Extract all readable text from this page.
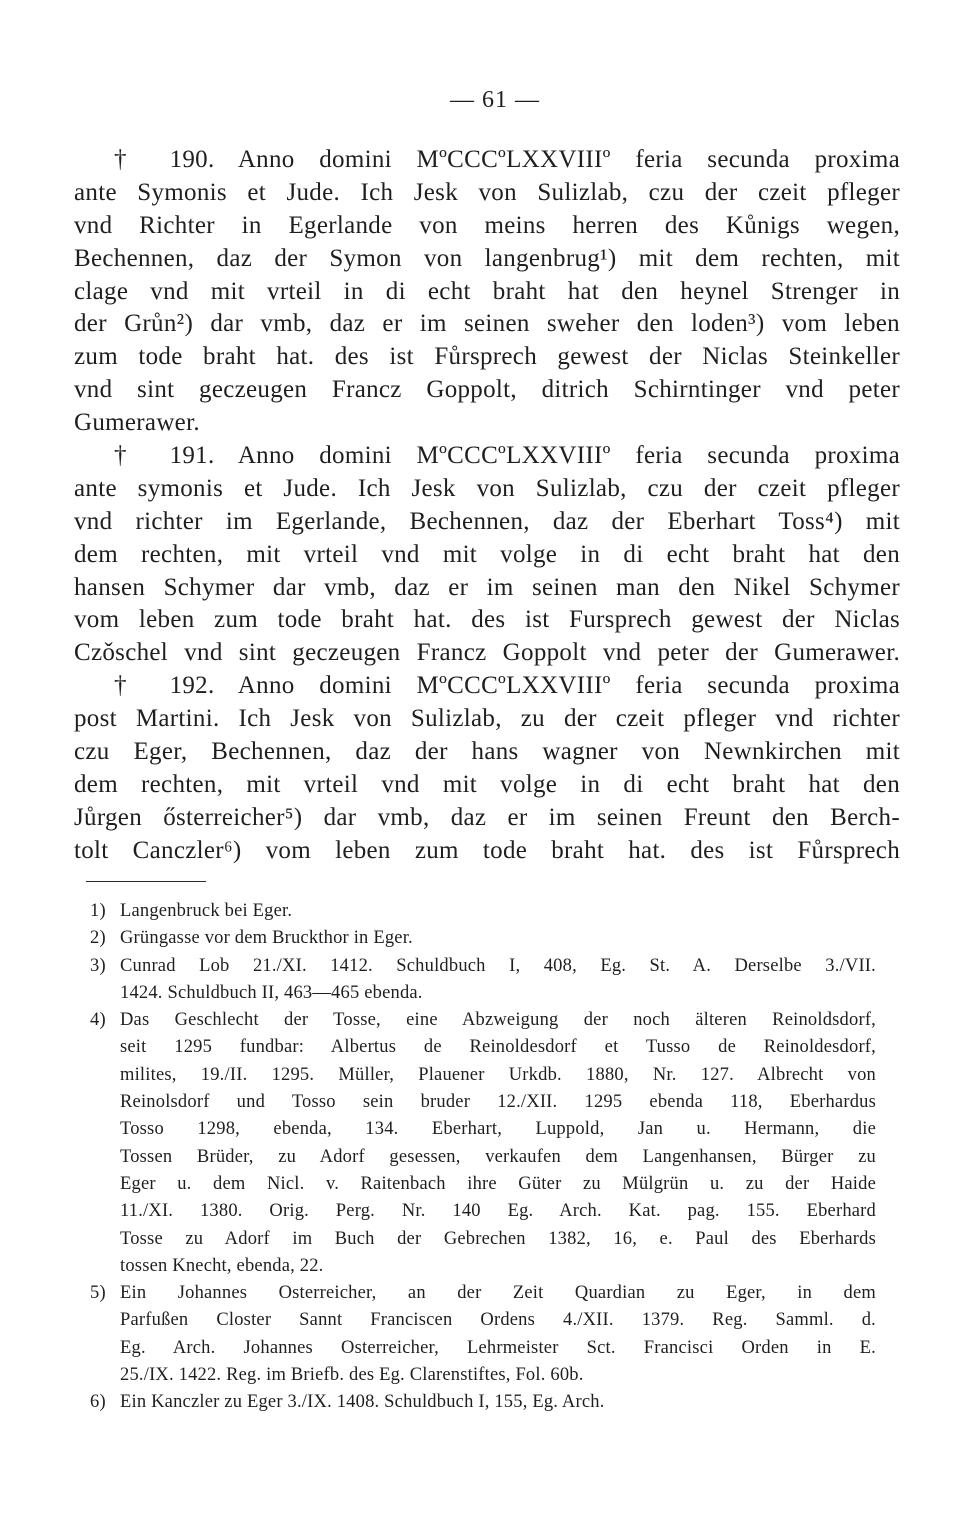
— 61 —
† 190. Anno domini MºCCCºLXXVIIIº feria secunda proxima
ante Symonis et Jude. Ich Jesk von Sulizlab, czu der czeit pfleger
vnd Richter in Egerlande von meins herren des Kůnigs wegen,
Bechennen, daz der Symon von langenbrug¹) mit dem rechten, mit
clage vnd mit vrteil in di echt braht hat den heynel Strenger in
der Grůn²) dar vmb, daz er im seinen sweher den loden³) vom leben
zum tode braht hat. des ist Fůrsprech gewest der Niclas Steinkeller
vnd sint geczeugen Francz Goppolt, ditrich Schirntinger vnd peter
Gumerawer.
† 191. Anno domini MºCCCºLXXVIIIº feria secunda proxima
ante symonis et Jude. Ich Jesk von Sulizlab, czu der czeit pfleger
vnd richter im Egerlande, Bechennen, daz der Eberhart Toss⁴) mit
dem rechten, mit vrteil vnd mit volge in di echt braht hat den
hansen Schymer dar vmb, daz er im seinen man den Nikel Schymer
vom leben zum tode braht hat. des ist Fursprech gewest der Niclas
Czǒschel vnd sint geczeugen Francz Goppolt vnd peter der Gumerawer.
† 192. Anno domini MºCCCºLXXVIIIº feria secunda proxima
post Martini. Ich Jesk von Sulizlab, zu der czeit pfleger vnd richter
czu Eger, Bechennen, daz der hans wagner von Newnkirchen mit
dem rechten, mit vrteil vnd mit volge in di echt braht hat den
Jůrgen ősterreicher⁵) dar vmb, daz er im seinen Freunt den Berch-
tolt Canczler⁶) vom leben zum tode braht hat. des ist Fůrsprech
1) Langenbruck bei Eger.
2) Grüngasse vor dem Bruckthor in Eger.
3) Cunrad Lob 21./XI. 1412. Schuldbuch I, 408, Eg. St. A. Derselbe 3./VII.
1424. Schuldbuch II, 463—465 ebenda.
4) Das Geschlecht der Tosse, eine Abzweigung der noch älteren Reinoldsdorf,
seit 1295 fundbar: Albertus de Reinoldesdorf et Tusso de Reinoldesdorf,
milites, 19./II. 1295. Müller, Plauener Urkdb. 1880, Nr. 127. Albrecht von
Reinolsdorf und Tosso sein bruder 12./XII. 1295 ebenda 118, Eberhardus
Tosso 1298, ebenda, 134. Eberhart, Luppold, Jan u. Hermann, die
Tossen Brüder, zu Adorf gesessen, verkaufen dem Langenhansen, Bürger zu
Eger u. dem Nicl. v. Raitenbach ihre Güter zu Mülgrün u. zu der Haide
11./XI. 1380. Orig. Perg. Nr. 140 Eg. Arch. Kat. pag. 155. Eberhard
Tosse zu Adorf im Buch der Gebrechen 1382, 16, e. Paul des Eberhards
tossen Knecht, ebenda, 22.
5) Ein Johannes Osterreicher, an der Zeit Quardian zu Eger, in dem
Parfußen Closter Sannt Franciscen Ordens 4./XII. 1379. Reg. Samml. d.
Eg. Arch. Johannes Osterreicher, Lehrmeister Sct. Francisci Orden in E.
25./IX. 1422. Reg. im Briefb. des Eg. Clarenstiftes, Fol. 60b.
6) Ein Kanczler zu Eger 3./IX. 1408. Schuldbuch I, 155, Eg. Arch.
